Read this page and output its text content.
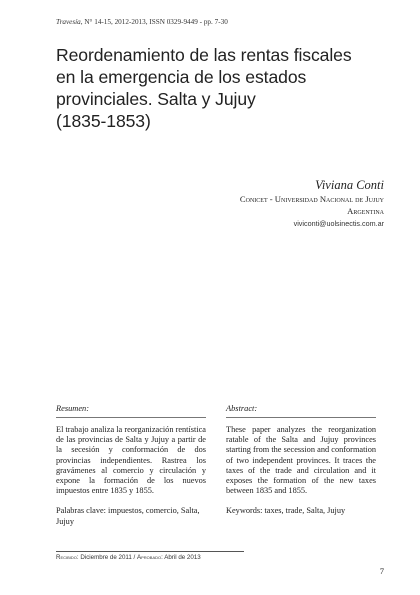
Travesía, N° 14-15, 2012-2013, ISSN 0329-9449 - pp. 7-30
Reordenamiento de las rentas fiscales
en la emergencia de los estados
provinciales. Salta y Jujuy
(1835-1853)
Viviana Conti
Conicet - Universidad Nacional de Jujuy
Argentina
viviconti@uolsinectis.com.ar
Resumen:

El trabajo analiza la reorganización rentística de las provincias de Salta y Jujuy a partir de la secesión y conformación de dos provincias independientes. Rastrea los gravámenes al comercio y circulación y expone la formación de los nuevos impuestos entre 1835 y 1855.

Palabras clave: impuestos, comercio, Salta, Jujuy
Abstract:

These paper analyzes the reorganization ratable of the Salta and Jujuy provinces starting from the secession and conformation of two independent provinces. It traces the taxes of the trade and circulation and it exposes the formation of the new taxes between 1835 and 1855.

Keywords: taxes, trade, Salta, Jujuy
Recibido: Diciembre de 2011 / Aprobado: Abril de 2013
7
